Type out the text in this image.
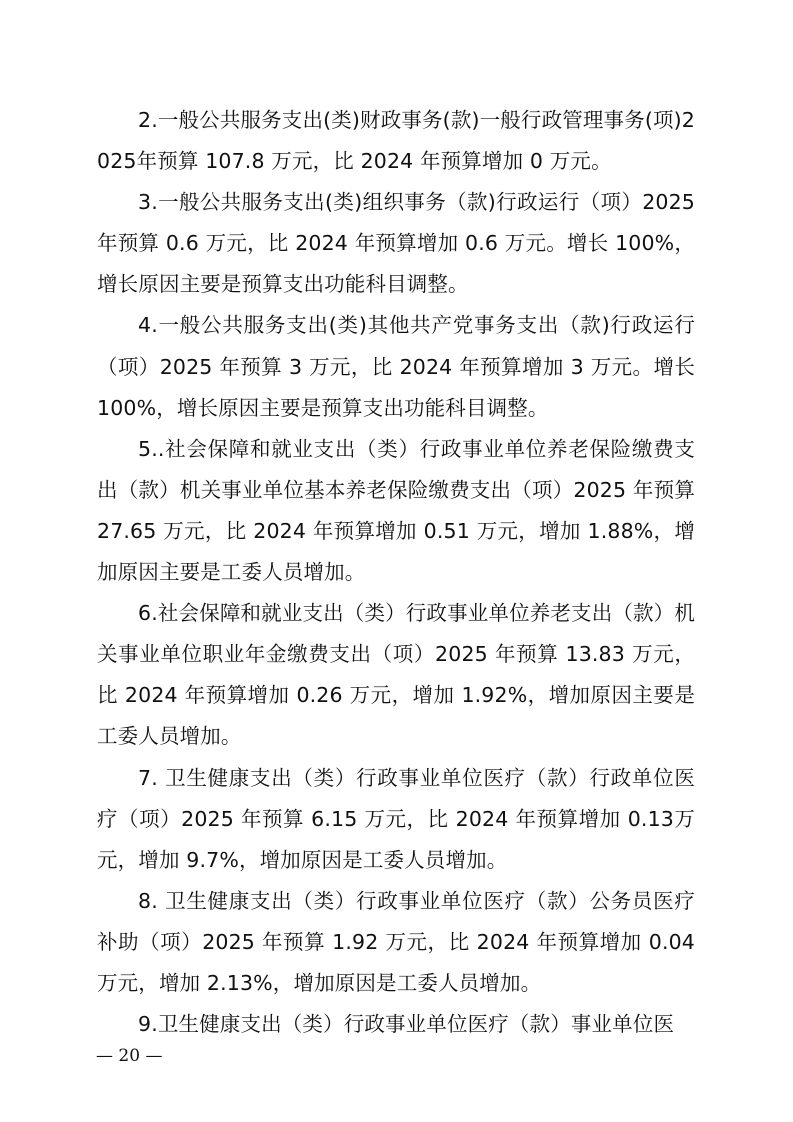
2.一般公共服务支出(类)财政事务(款)一般行政管理事务(项)2025年预算 107.8 万元，比 2024 年预算增加 0 万元。

3.一般公共服务支出(类)组织事务（款)行政运行（项）2025年预算 0.6 万元，比 2024 年预算增加 0.6 万元。增长 100%，增长原因主要是预算支出功能科目调整。

4.一般公共服务支出(类)其他共产党事务支出（款)行政运行（项）2025 年预算 3 万元，比 2024 年预算增加 3 万元。增长100%，增长原因主要是预算支出功能科目调整。

5..社会保障和就业支出（类）行政事业单位养老保险缴费支出（款）机关事业单位基本养老保险缴费支出（项）2025 年预算 27.65 万元，比 2024 年预算增加 0.51 万元，增加 1.88%，增加原因主要是工委人员增加。

6.社会保障和就业支出（类）行政事业单位养老支出（款）机关事业单位职业年金缴费支出（项）2025 年预算 13.83 万元，比 2024 年预算增加 0.26 万元，增加 1.92%，增加原因主要是工委人员增加。

7. 卫生健康支出（类）行政事业单位医疗（款）行政单位医疗（项）2025 年预算 6.15 万元，比 2024 年预算增加 0.13万元，增加 9.7%，增加原因是工委人员增加。

8. 卫生健康支出（类）行政事业单位医疗（款）公务员医疗补助（项）2025 年预算 1.92 万元，比 2024 年预算增加 0.04万元，增加 2.13%，增加原因是工委人员增加。

9.卫生健康支出（类）行政事业单位医疗（款）事业单位医

— 20 —
